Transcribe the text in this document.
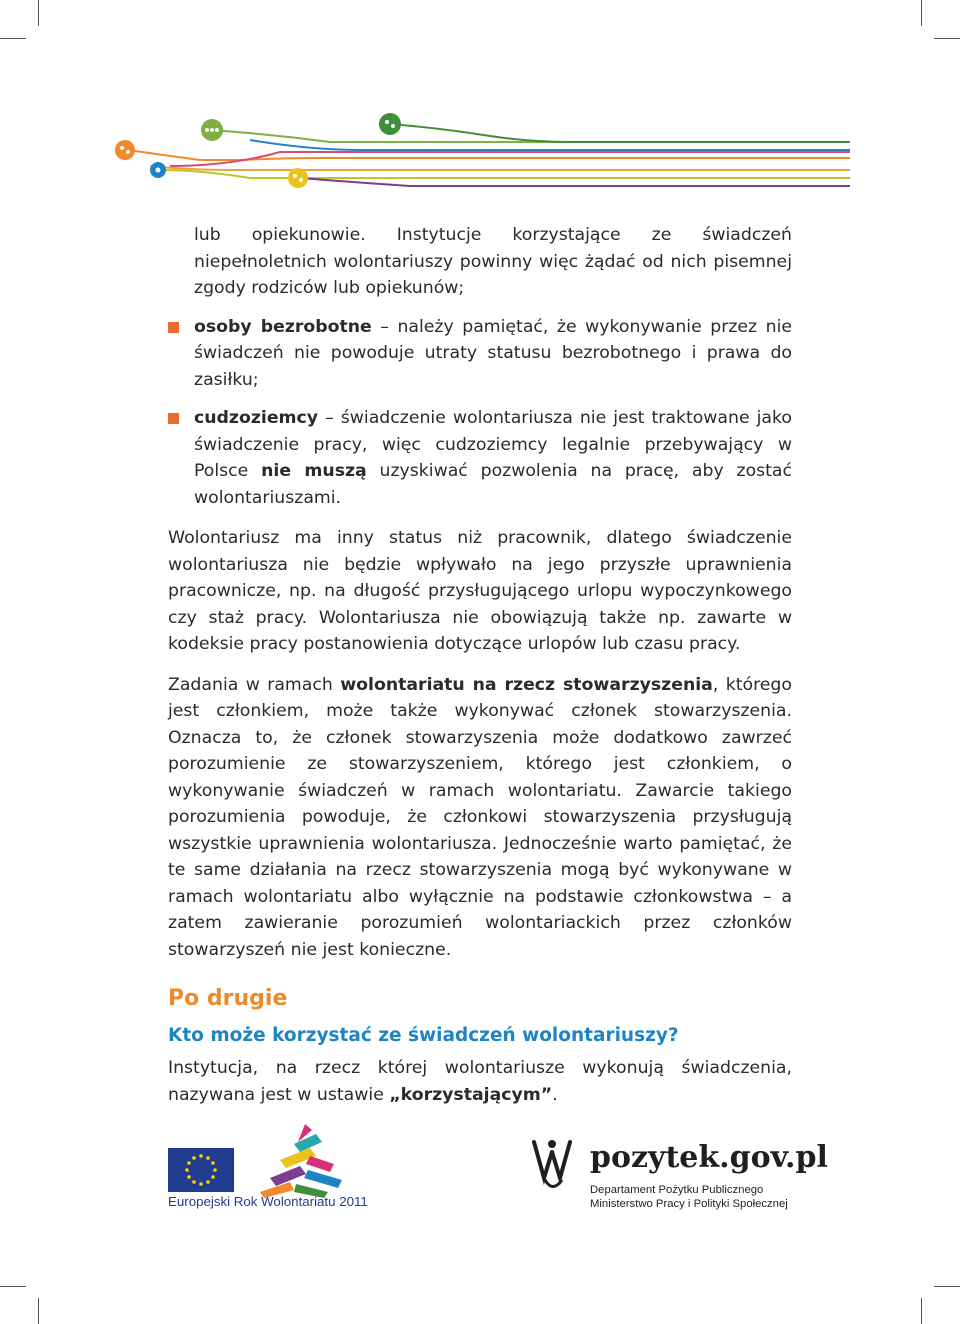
lub opiekunowie. Instytucje korzystające ze świadczeń niepełnoletnich wolontariuszy powinny więc żądać od nich pisemnej zgody rodziców lub opiekunów;

osoby bezrobotne – należy pamiętać, że wykonywanie przez nie świadczeń nie powoduje utraty statusu bezrobotnego i prawa do zasiłku;

cudzoziemcy – świadczenie wolontariusza nie jest traktowane jako świadczenie pracy, więc cudzoziemcy legalnie przebywający w Polsce nie muszą uzyskiwać pozwolenia na pracę, aby zostać wolontariuszami.

Wolontariusz ma inny status niż pracownik, dlatego świadczenie wolontariusza nie będzie wpływało na jego przyszłe uprawnienia pracownicze, np. na długość przysługującego urlopu wypoczynkowego czy staż pracy. Wolontariusza nie obowiązują także np. zawarte w kodeksie pracy postanowienia dotyczące urlopów lub czasu pracy.

Zadania w ramach wolontariatu na rzecz stowarzyszenia, którego jest członkiem, może także wykonywać członek stowarzyszenia. Oznacza to, że członek stowarzyszenia może dodatkowo zawrzeć porozumienie ze stowarzyszeniem, którego jest członkiem, o wykonywanie świadczeń w ramach wolontariatu. Zawarcie takiego porozumienia powoduje, że członkowi stowarzyszenia przysługują wszystkie uprawnienia wolontariusza. Jednocześnie warto pamiętać, że te same działania na rzecz stowarzyszenia mogą być wykonywane w ramach wolontariatu albo wyłącznie na podstawie członkowstwa – a zatem zawieranie porozumień wolontariackich przez członków stowarzyszeń nie jest konieczne.

Po drugie
Kto może korzystać ze świadczeń wolontariuszy?

Instytucja, na rzecz której wolontariusze wykonują świadczenia, nazywana jest w ustawie „korzystającym”.

Europejski Rok Wolontariatu 2011
pozytek.gov.pl
Departament Pożytku Publicznego
Ministerstwo Pracy i Polityki Społecznej
